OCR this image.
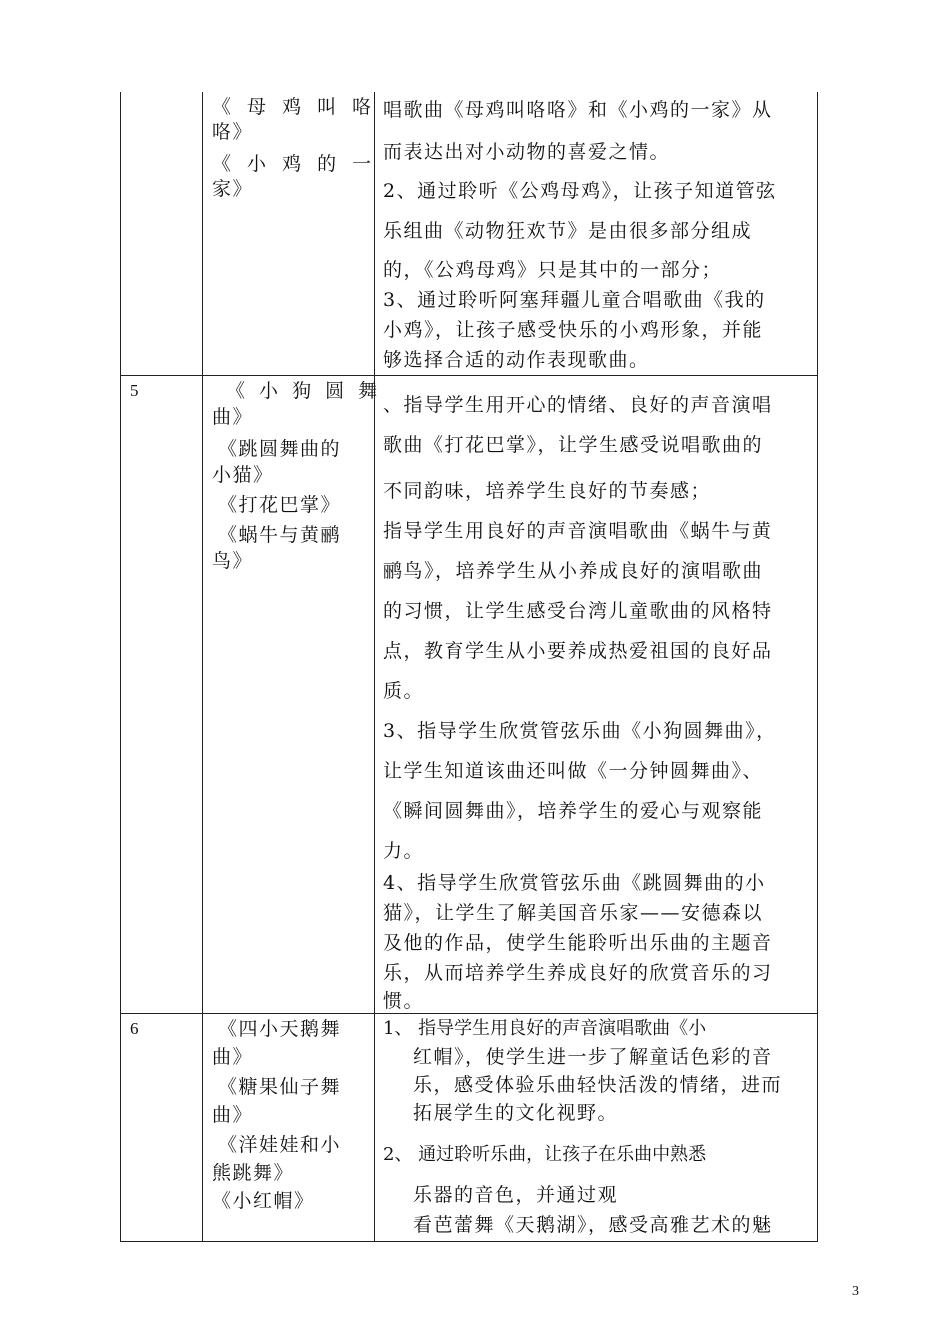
《 母 鸡 叫 咯
咯》
《 小 鸡 的 一
家》
唱歌曲《母鸡叫咯咯》和《小鸡的一家》从
而表达出对小动物的喜爱之情。
2、通过聆听《公鸡母鸡》，让孩子知道管弦
乐组曲《动物狂欢节》是由很多部分组成
的，《公鸡母鸡》只是其中的一部分；
3、通过聆听阿塞拜疆儿童合唱歌曲《我的
小鸡》，让孩子感受快乐的小鸡形象，并能
够选择合适的动作表现歌曲。
5	《 小 狗 圆 舞
曲》
《跳圆舞曲的
小猫》
《打花巴掌》
《蜗牛与黄鹂
鸟》
、指导学生用开心的情绪、良好的声音演唱
歌曲《打花巴掌》，让学生感受说唱歌曲的
不同韵味，培养学生良好的节奏感；
指导学生用良好的声音演唱歌曲《蜗牛与黄
鹂鸟》，培养学生从小养成良好的演唱歌曲
的习惯，让学生感受台湾儿童歌曲的风格特
点，教育学生从小要养成热爱祖国的良好品
质。
3、指导学生欣赏管弦乐曲《小狗圆舞曲》，
让学生知道该曲还叫做《一分钟圆舞曲》、
《瞬间圆舞曲》，培养学生的爱心与观察能
力。
4、指导学生欣赏管弦乐曲《跳圆舞曲的小
猫》，让学生了解美国音乐家——安德森以
及他的作品，使学生能聆听出乐曲的主题音
乐，从而培养学生养成良好的欣赏音乐的习
惯。
6	《四小天鹅舞
曲》
《糖果仙子舞
曲》
《洋娃娃和小
熊跳舞》
《小红帽》
1、 指导学生用良好的声音演唱歌曲《小
红帽》，使学生进一步了解童话色彩的音
乐，感受体验乐曲轻快活泼的情绪，进而
拓展学生的文化视野。
2、 通过聆听乐曲，让孩子在乐曲中熟悉
乐器的音色，并通过观
看芭蕾舞《天鹅湖》，感受高雅艺术的魅
3
